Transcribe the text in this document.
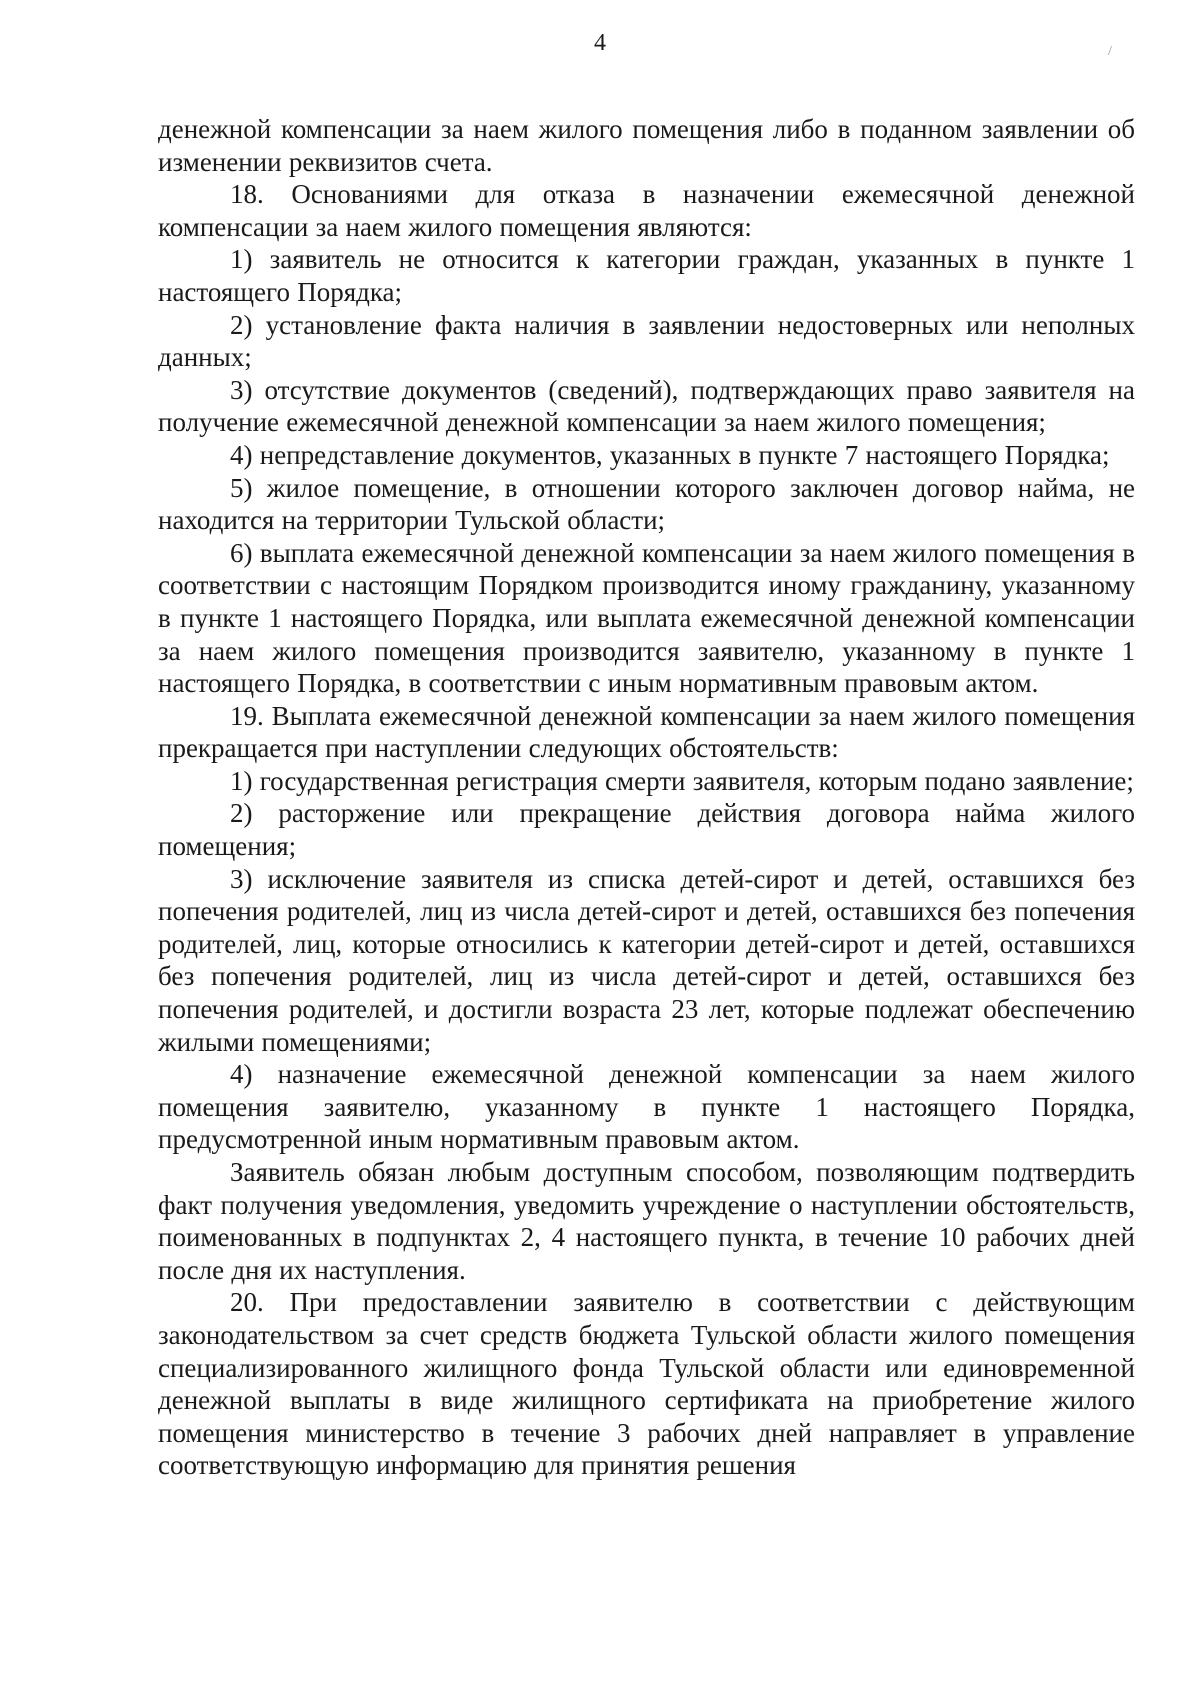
4	/

денежной компенсации за наем жилого помещения либо в поданном заявлении об изменении реквизитов счета.

18. Основаниями для отказа в назначении ежемесячной денежной компенсации за наем жилого помещения являются:

1) заявитель не относится к категории граждан, указанных в пункте 1 настоящего Порядка;

2) установление факта наличия в заявлении недостоверных или неполных данных;

3) отсутствие документов (сведений), подтверждающих право заявителя на получение ежемесячной денежной компенсации за наем жилого помещения;

4) непредставление документов, указанных в пункте 7 настоящего Порядка;

5) жилое помещение, в отношении которого заключен договор найма, не находится на территории Тульской области;

6) выплата ежемесячной денежной компенсации за наем жилого помещения в соответствии с настоящим Порядком производится иному гражданину, указанному в пункте 1 настоящего Порядка, или выплата ежемесячной денежной компенсации за наем жилого помещения производится заявителю, указанному в пункте 1 настоящего Порядка, в соответствии с иным нормативным правовым актом.

19. Выплата ежемесячной денежной компенсации за наем жилого помещения прекращается при наступлении следующих обстоятельств:

1) государственная регистрация смерти заявителя, которым подано заявление;

2) расторжение или прекращение действия договора найма жилого помещения;

3) исключение заявителя из списка детей-сирот и детей, оставшихся без попечения родителей, лиц из числа детей-сирот и детей, оставшихся без попечения родителей, лиц, которые относились к категории детей-сирот и детей, оставшихся без попечения родителей, лиц из числа детей-сирот и детей, оставшихся без попечения родителей, и достигли возраста 23 лет, которые подлежат обеспечению жилыми помещениями;

4) назначение ежемесячной денежной компенсации за наем жилого помещения заявителю, указанному в пункте 1 настоящего Порядка, предусмотренной иным нормативным правовым актом.

Заявитель обязан любым доступным способом, позволяющим подтвердить факт получения уведомления, уведомить учреждение о наступлении обстоятельств, поименованных в подпунктах 2, 4 настоящего пункта, в течение 10 рабочих дней после дня их наступления.

20. При предоставлении заявителю в соответствии с действующим законодательством за счет средств бюджета Тульской области жилого помещения специализированного жилищного фонда Тульской области или единовременной денежной выплаты в виде жилищного сертификата на приобретение жилого помещения министерство в течение 3 рабочих дней направляет в управление соответствующую информацию для принятия решения
